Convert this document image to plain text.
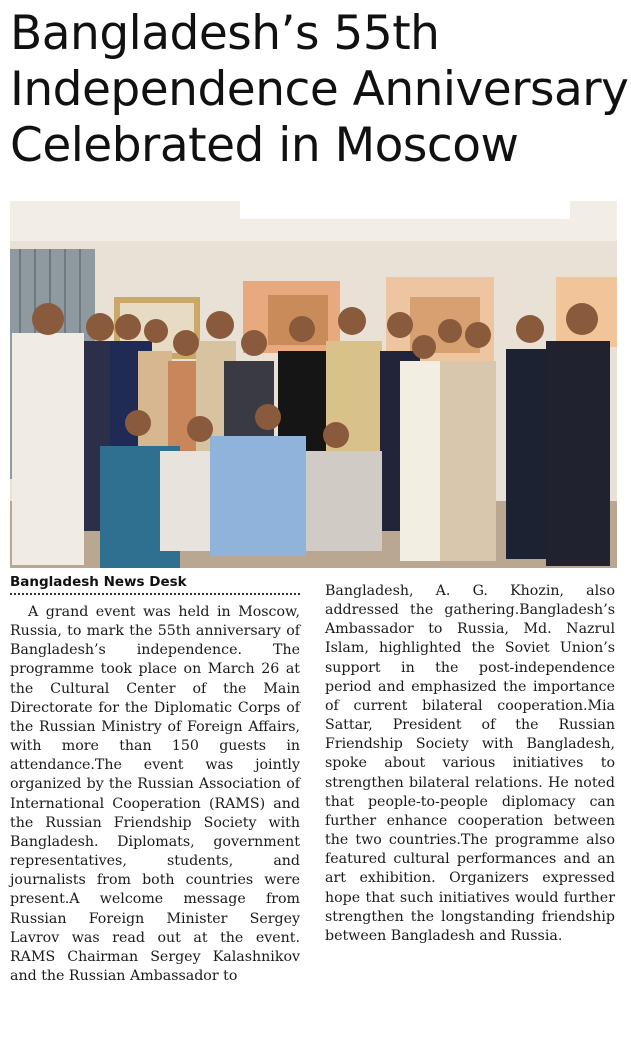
Bangladesh’s 55th
Independence Anniversary
Celebrated in Moscow
Bangladesh News Desk
A grand event was held in Moscow, Russia, to mark the 55th anniversary of Bangladesh’s independence. The programme took place on March 26 at the Cultural Center of the Main Directorate for the Diplomatic Corps of the Russian Ministry of Foreign Affairs, with more than 150 guests in attendance.The event was jointly organized by the Russian Association of International Cooperation (RAMS) and the Russian Friendship Society with Bangladesh. Diplomats, government representatives, students, and journalists from both countries were present.A welcome message from Russian Foreign Minister Sergey Lavrov was read out at the event. RAMS Chairman Sergey Kalashnikov and the Russian Ambassador to
Bangladesh, A. G. Khozin, also addressed the gathering.Bangladesh’s Ambassador to Russia, Md. Nazrul Islam, highlighted the Soviet Union’s support in the post-independence period and emphasized the importance of current bilateral cooperation.Mia Sattar, President of the Russian Friendship Society with Bangladesh, spoke about various initiatives to strengthen bilateral relations. He noted that people-to-people diplomacy can further enhance cooperation between the two countries.The programme also featured cultural performances and an art exhibition. Organizers expressed hope that such initiatives would further strengthen the longstanding friendship between Bangladesh and Russia.
